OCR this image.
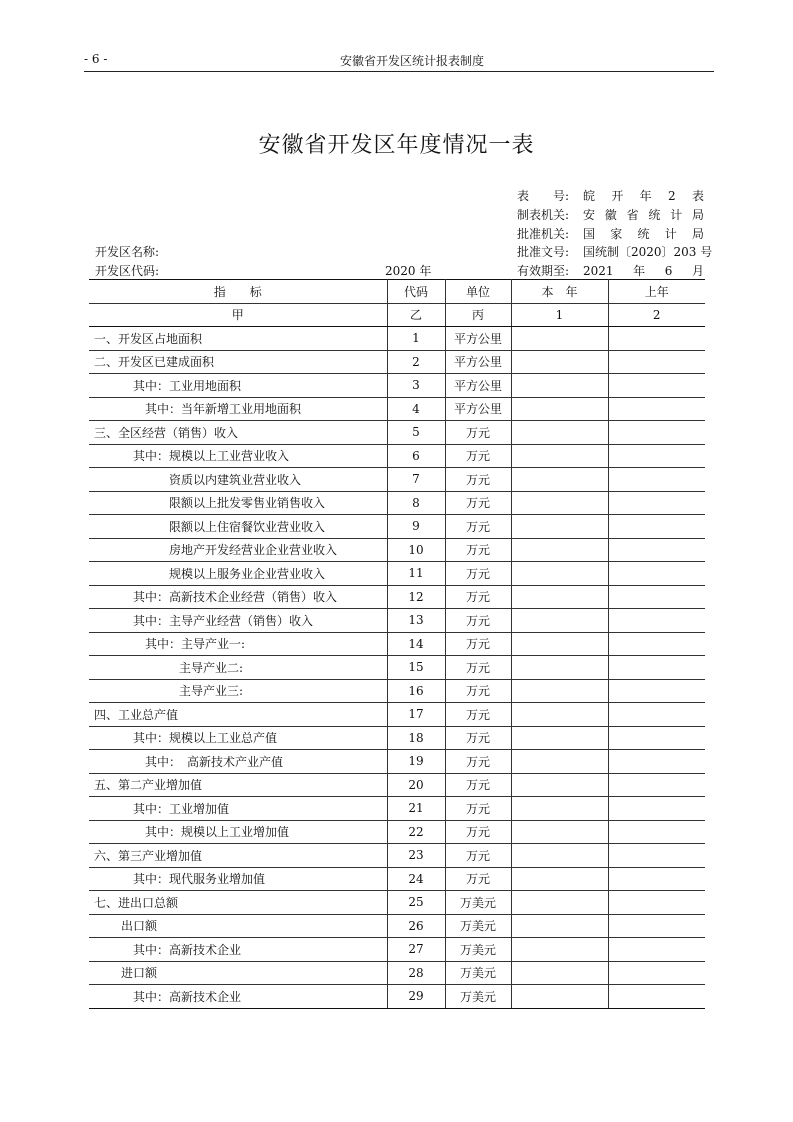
- 6 -	安徽省开发区统计报表制度
安徽省开发区年度情况一表
表　　号: 皖开年2表
制表机关: 安徽省统计局
批准机关: 国家统计局
批准文号: 国统制〔2020〕203 号
有效期至: 2021年6月
开发区名称:
开发区代码:	2020 年
指　　标	代码	单位	本　年	上年
甲	乙	丙	1	2
一、开发区占地面积	1	平方公里		
二、开发区已建成面积	2	平方公里		
其中：工业用地面积	3	平方公里		
其中：当年新增工业用地面积	4	平方公里		
三、全区经营（销售）收入	5	万元		
其中：规模以上工业营业收入	6	万元		
资质以内建筑业营业收入	7	万元		
限额以上批发零售业销售收入	8	万元		
限额以上住宿餐饮业营业收入	9	万元		
房地产开发经营业企业营业收入	10	万元		
规模以上服务业企业营业收入	11	万元		
其中：高新技术企业经营（销售）收入	12	万元		
其中：主导产业经营（销售）收入	13	万元		
其中：主导产业一:	14	万元		
主导产业二:	15	万元		
主导产业三:	16	万元		
四、工业总产值	17	万元		
其中：规模以上工业总产值	18	万元		
其中：　高新技术产业产值	19	万元		
五、第二产业增加值	20	万元		
其中：工业增加值	21	万元		
其中：规模以上工业增加值	22	万元		
六、第三产业增加值	23	万元		
其中：现代服务业增加值	24	万元		
七、进出口总额	25	万美元		
出口额	26	万美元		
其中：高新技术企业	27	万美元		
进口额	28	万美元		
其中：高新技术企业	29	万美元		
